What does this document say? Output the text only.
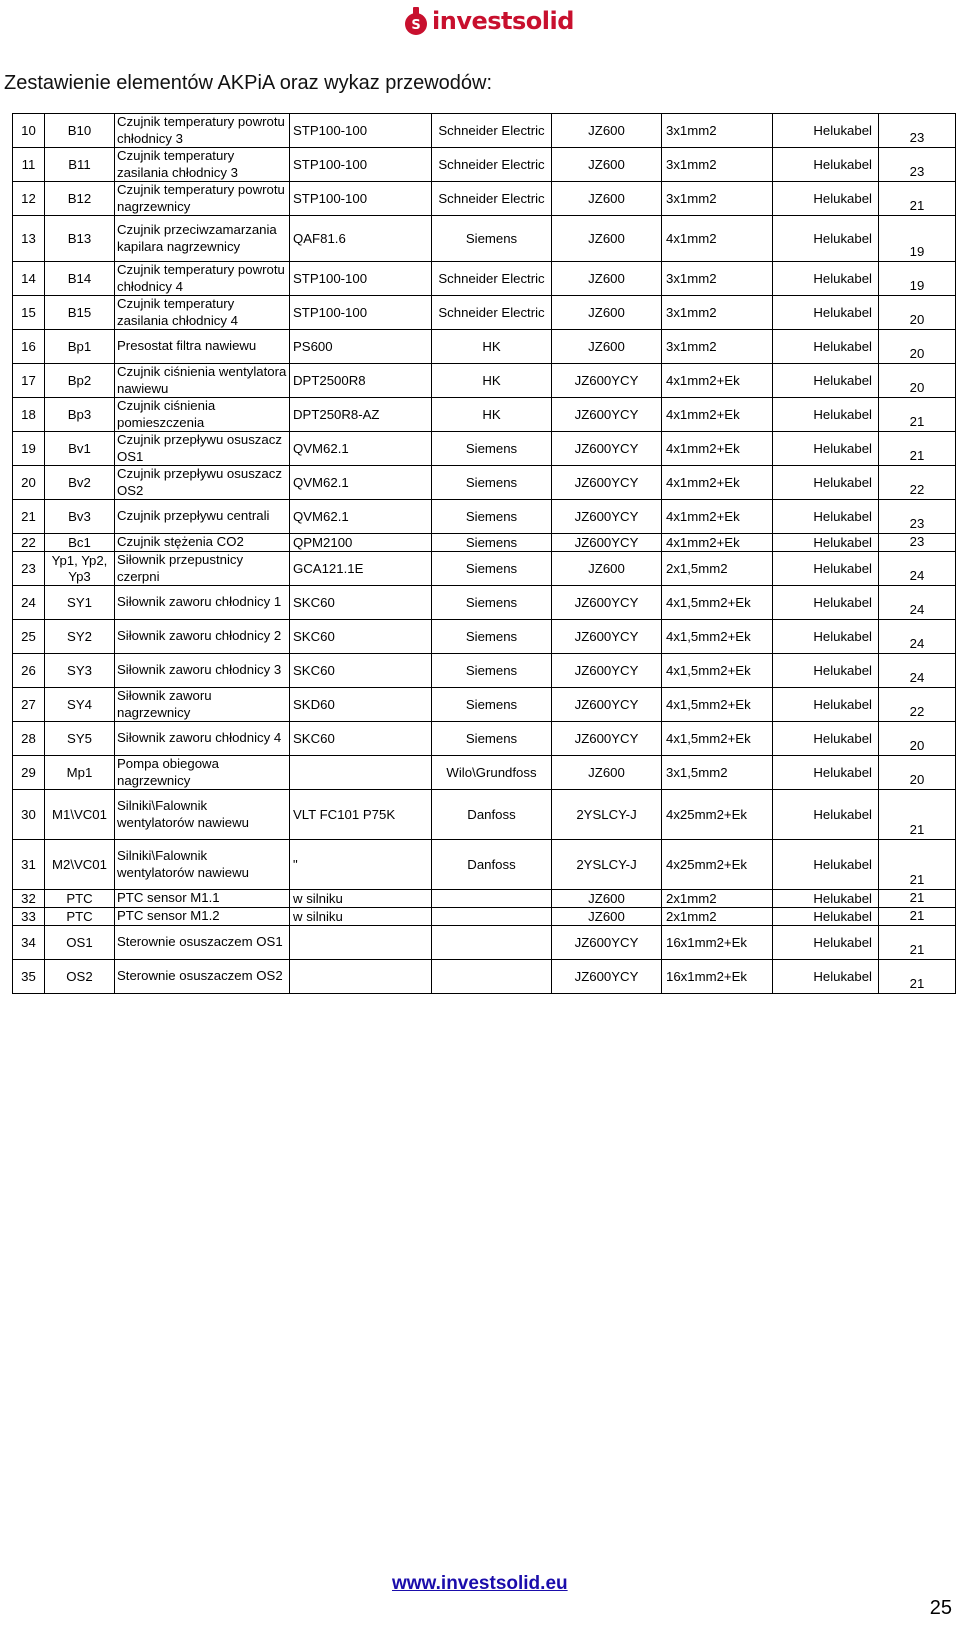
S investsolid
Zestawienie elementów AKPiA oraz wykaz przewodów:
10	B10	Czujnik temperatury powrotu chłodnicy 3	STP100-100	Schneider Electric	JZ600	3x1mm2	Helukabel	23
11	B11	Czujnik temperatury zasilania chłodnicy 3	STP100-100	Schneider Electric	JZ600	3x1mm2	Helukabel	23
12	B12	Czujnik temperatury powrotu nagrzewnicy	STP100-100	Schneider Electric	JZ600	3x1mm2	Helukabel	21
13	B13	Czujnik przeciwzamarzania kapilara nagrzewnicy	QAF81.6	Siemens	JZ600	4x1mm2	Helukabel	19
14	B14	Czujnik temperatury powrotu chłodnicy 4	STP100-100	Schneider Electric	JZ600	3x1mm2	Helukabel	19
15	B15	Czujnik temperatury zasilania chłodnicy 4	STP100-100	Schneider Electric	JZ600	3x1mm2	Helukabel	20
16	Bp1	Presostat filtra nawiewu	PS600	HK	JZ600	3x1mm2	Helukabel	20
17	Bp2	Czujnik ciśnienia wentylatora nawiewu	DPT2500R8	HK	JZ600YCY	4x1mm2+Ek	Helukabel	20
18	Bp3	Czujnik ciśnienia pomieszczenia	DPT250R8-AZ	HK	JZ600YCY	4x1mm2+Ek	Helukabel	21
19	Bv1	Czujnik przepływu osuszacz OS1	QVM62.1	Siemens	JZ600YCY	4x1mm2+Ek	Helukabel	21
20	Bv2	Czujnik przepływu osuszacz OS2	QVM62.1	Siemens	JZ600YCY	4x1mm2+Ek	Helukabel	22
21	Bv3	Czujnik przepływu centrali	QVM62.1	Siemens	JZ600YCY	4x1mm2+Ek	Helukabel	23
22	Bc1	Czujnik stężenia CO2	QPM2100	Siemens	JZ600YCY	4x1mm2+Ek	Helukabel	23
23	Yp1, Yp2, Yp3	Siłownik przepustnicy czerpni	GCA121.1E	Siemens	JZ600	2x1,5mm2	Helukabel	24
24	SY1	Siłownik zaworu chłodnicy 1	SKC60	Siemens	JZ600YCY	4x1,5mm2+Ek	Helukabel	24
25	SY2	Siłownik zaworu chłodnicy 2	SKC60	Siemens	JZ600YCY	4x1,5mm2+Ek	Helukabel	24
26	SY3	Siłownik zaworu chłodnicy 3	SKC60	Siemens	JZ600YCY	4x1,5mm2+Ek	Helukabel	24
27	SY4	Siłownik zaworu nagrzewnicy	SKD60	Siemens	JZ600YCY	4x1,5mm2+Ek	Helukabel	22
28	SY5	Siłownik zaworu chłodnicy 4	SKC60	Siemens	JZ600YCY	4x1,5mm2+Ek	Helukabel	20
29	Mp1	Pompa obiegowa nagrzewnicy		Wilo\Grundfoss	JZ600	3x1,5mm2	Helukabel	20
30	M1\VC01	Silniki\Falownik wentylatorów nawiewu	VLT FC101 P75K	Danfoss	2YSLCY-J	4x25mm2+Ek	Helukabel	21
31	M2\VC01	Silniki\Falownik wentylatorów nawiewu	"	Danfoss	2YSLCY-J	4x25mm2+Ek	Helukabel	21
32	PTC	PTC sensor M1.1	w silniku		JZ600	2x1mm2	Helukabel	21
33	PTC	PTC sensor M1.2	w silniku		JZ600	2x1mm2	Helukabel	21
34	OS1	Sterownie osuszaczem OS1			JZ600YCY	16x1mm2+Ek	Helukabel	21
35	OS2	Sterownie osuszaczem OS2			JZ600YCY	16x1mm2+Ek	Helukabel	21
www.investsolid.eu
25
